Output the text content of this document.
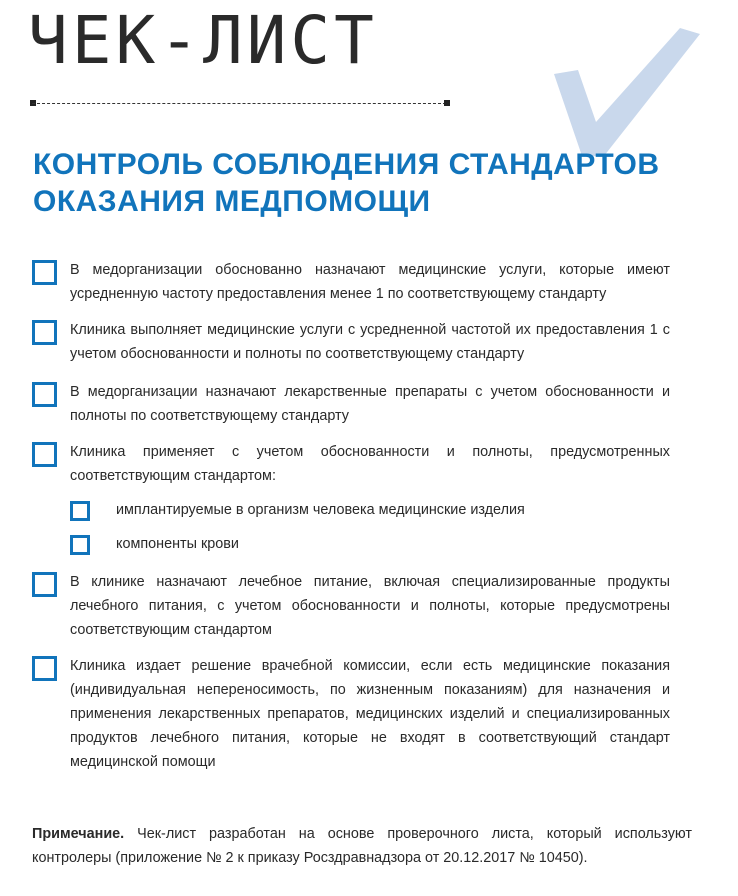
ЧЕК-ЛИСТ
КОНТРОЛЬ СОБЛЮДЕНИЯ СТАНДАРТОВ
ОКАЗАНИЯ МЕДПОМОЩИ
В медорганизации обоснованно назначают медицинские услуги, которые имеют усредненную частоту предоставления менее 1 по соответствующему стандарту
Клиника выполняет медицинские услуги с усредненной частотой их предоставления 1 с учетом обоснованности и полноты по соответствующему стандарту
В медорганизации назначают лекарственные препараты с учетом обоснованности и полноты по соответствующему стандарту
Клиника применяет с учетом обоснованности и полноты, предусмотренных соответствующим стандартом:
имплантируемые в организм человека медицинские изделия
компоненты крови
В клинике назначают лечебное питание, включая специализированные продукты лечебного питания, с учетом обоснованности и полноты, которые предусмотрены соответствующим стандартом
Клиника издает решение врачебной комиссии, если есть медицинские показания (индивидуальная непереносимость, по жизненным показаниям) для назначения и применения лекарственных препаратов, медицинских изделий и специализированных продуктов лечебного питания, которые не входят в соответствующий стандарт медицинской помощи
Примечание. Чек-лист разработан на основе проверочного листа, который используют контролеры (приложение № 2 к приказу Росздравнадзора от 20.12.2017 № 10450).
